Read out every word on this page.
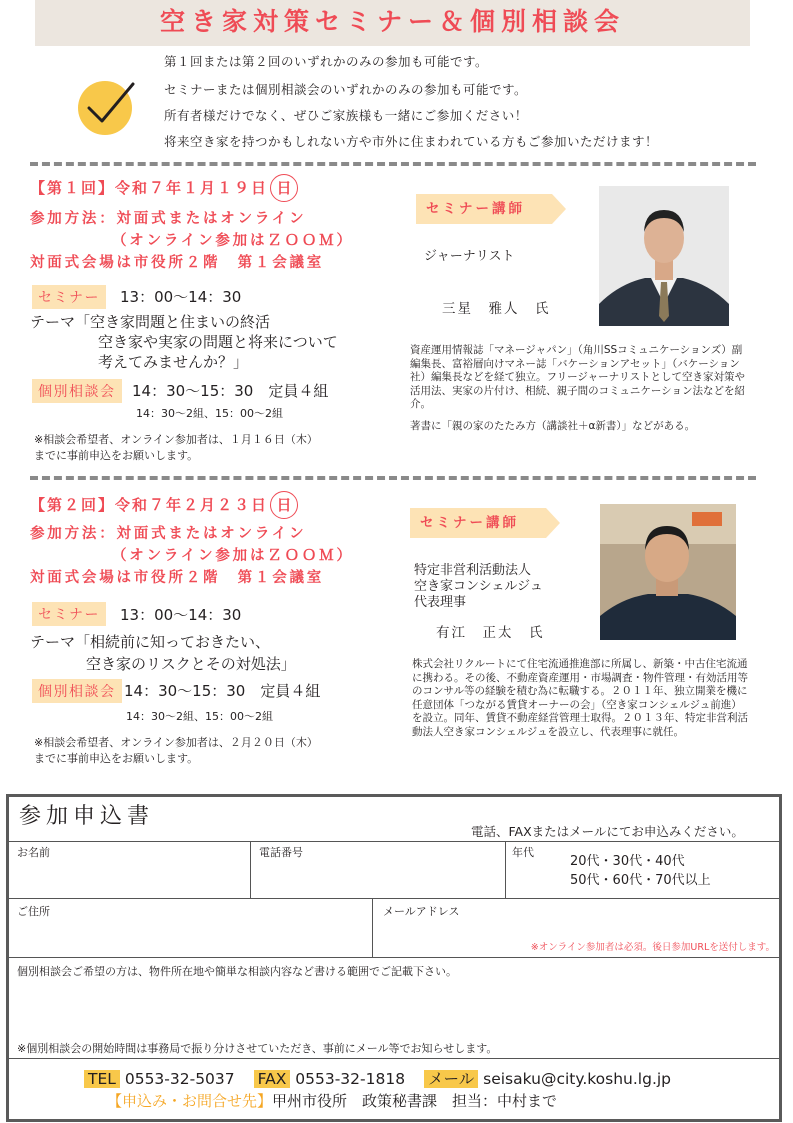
空き家対策セミナー＆個別相談会
第１回または第２回のいずれかのみの参加も可能です。
セミナーまたは個別相談会のいずれかのみの参加も可能です。
所有者様だけでなく、ぜひご家族様も一緒にご参加ください！
将来空き家を持つかもしれない方や市外に住まわれている方もご参加いただけます！
【第１回】令和７年１月１９日 日
参加方法：対面式またはオンライン
（オンライン参加はＺＯＯＭ）
対面式会場は市役所２階　第１会議室
セミナー	13：00～14：30
テーマ「空き家問題と住まいの終活
空き家や実家の問題と将来について
考えてみませんか？」
個別相談会	14：30～15：30　定員４組
14：30～2組、15：00～2組
※相談会希望者、オンライン参加者は、１月１６日（木）
までに事前申込をお願いします。
セミナー講師
ジャーナリスト
三星　雅人　氏
資産運用情報誌「マネージャパン」（角川SSコミュニケーションズ）副編集長、富裕層向けマネー誌「バケーションアセット」（バケーション社）編集長などを経て独立。フリージャーナリストとして空き家対策や活用法、実家の片付け、相続、親子間のコミュニケーション法などを紹介。
著書に「親の家のたたみ方（講談社＋α新書）」などがある。
【第２回】令和７年２月２３日 日
参加方法：対面式またはオンライン
（オンライン参加はＺＯＯＭ）
対面式会場は市役所２階　第１会議室
セミナー	13：00～14：30
テーマ「相続前に知っておきたい、
空き家のリスクとその対処法」
個別相談会 14：30～15：30　定員４組
14：30～2組、15：00～2組
※相談会希望者、オンライン参加者は、２月２０日（木）
までに事前申込をお願いします。
セミナー講師
特定非営利活動法人
空き家コンシェルジュ
代表理事
有江　正太　氏
株式会社リクルートにて住宅流通推進部に所属し、新築・中古住宅流通に携わる。その後、不動産資産運用・市場調査・物件管理・有効活用等のコンサル等の経験を積む為に転職する。２０１１年、独立開業を機に任意団体「つながる賃貸オーナーの会」（空き家コンシェルジュ前進）を設立。同年、賃貸不動産経営管理士取得。２０１３年、特定非営利活動法人空き家コンシェルジュを設立し、代表理事に就任。
参加申込書
電話、FAXまたはメールにてお申込みください。
お名前	電話番号	年代
20代・30代・40代
50代・60代・70代以上
ご住所	メールアドレス
※オンライン参加者は必須。後日参加URLを送付します。
個別相談会ご希望の方は、物件所在地や簡単な相談内容など書ける範囲でご記載下さい。
※個別相談会の開始時間は事務局で振り分けさせていただき、事前にメール等でお知らせします。
TEL 0553-32-5037 FAX 0553-32-1818 メール seisaku@city.koshu.lg.jp
【申込み・お問合せ先】甲州市役所　政策秘書課　担当：中村まで
